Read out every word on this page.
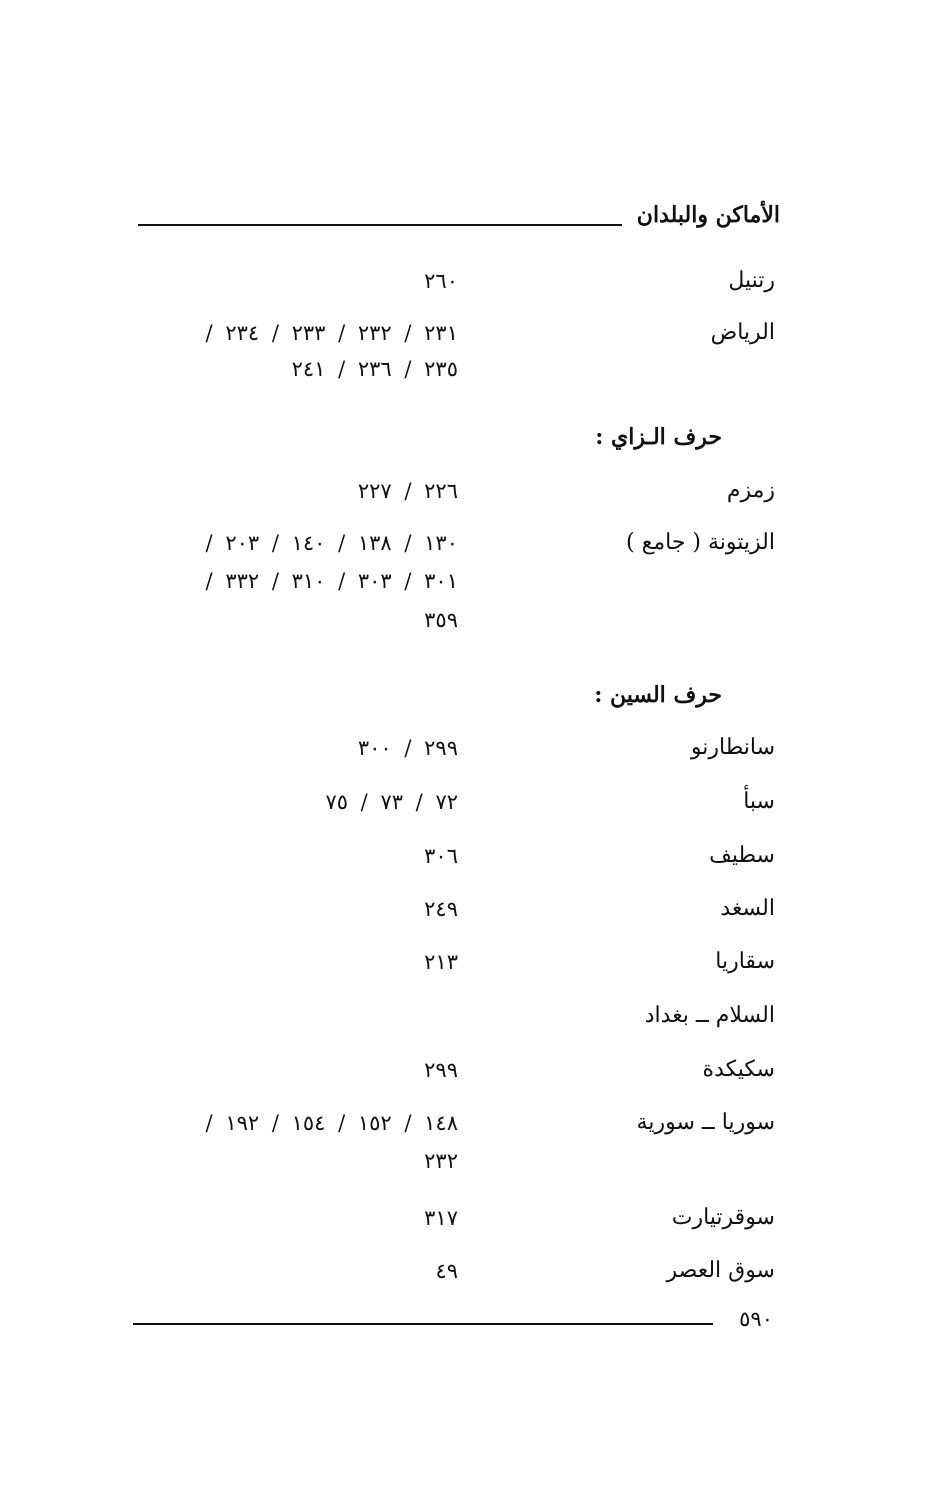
الأماكن والبلدان
رتنيل
٢٦٠
الرياض
٢٣١ / ٢٣٢ / ٢٣٣ / ٢٣٤ /
٢٣٥ / ٢٣٦ / ٢٤١
حرف الـزاي :
زمزم
٢٢٦ / ٢٢٧
الزيتونة ( جامع )
١٣٠ / ١٣٨ / ١٤٠ / ٢٠٣ /
٣٠١ / ٣٠٣ / ٣١٠ / ٣٣٢ /
٣٥٩
حرف السين :
سانطارنو
٢٩٩ / ٣٠٠
سبأ
٧٢ / ٧٣ / ٧٥
سطيف
٣٠٦
السغد
٢٤٩
سقاريا
٢١٣
السلام ــ بغداد
سكيكدة
٢٩٩
سوريا ــ سورية
١٤٨ / ١٥٢ / ١٥٤ / ١٩٢ /
٢٣٢
سوقرتيارت
٣١٧
سوق العصر
٤٩
٥٩٠
